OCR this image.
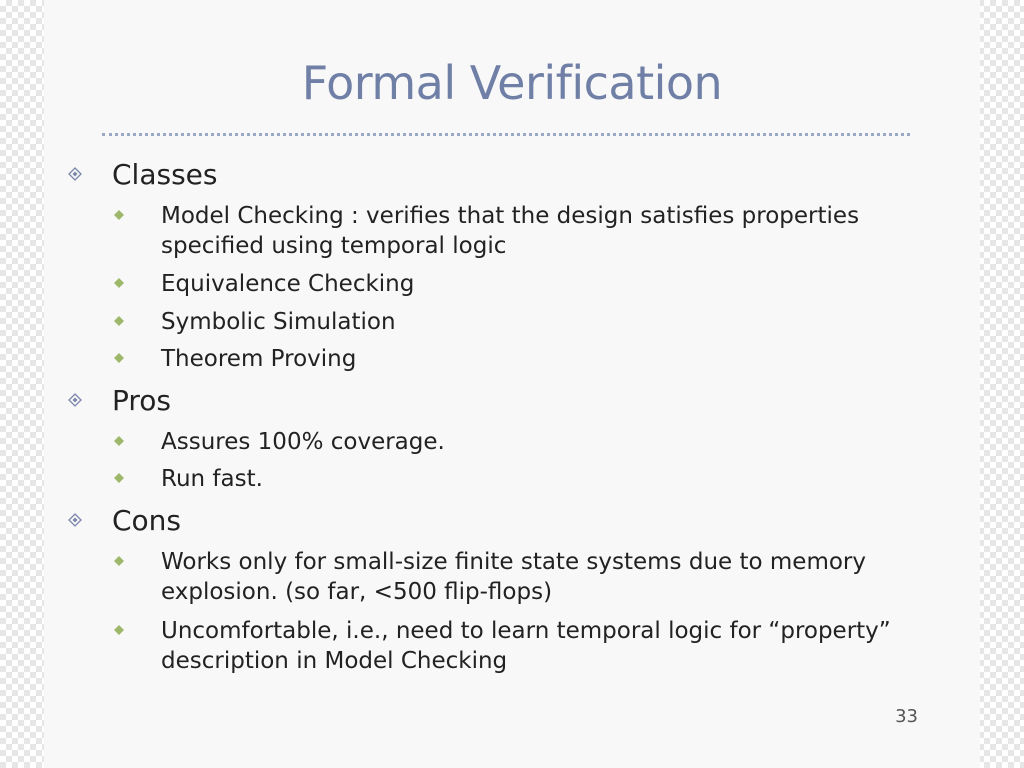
Formal Verification
Classes
Model Checking : verifies that the design satisfies properties specified using temporal logic
Equivalence Checking
Symbolic Simulation
Theorem Proving
Pros
Assures 100% coverage.
Run fast.
Cons
Works only for small-size finite state systems due to memory explosion. (so far, <500 flip-flops)
Uncomfortable, i.e., need to learn temporal logic for “property” description in Model Checking
33
